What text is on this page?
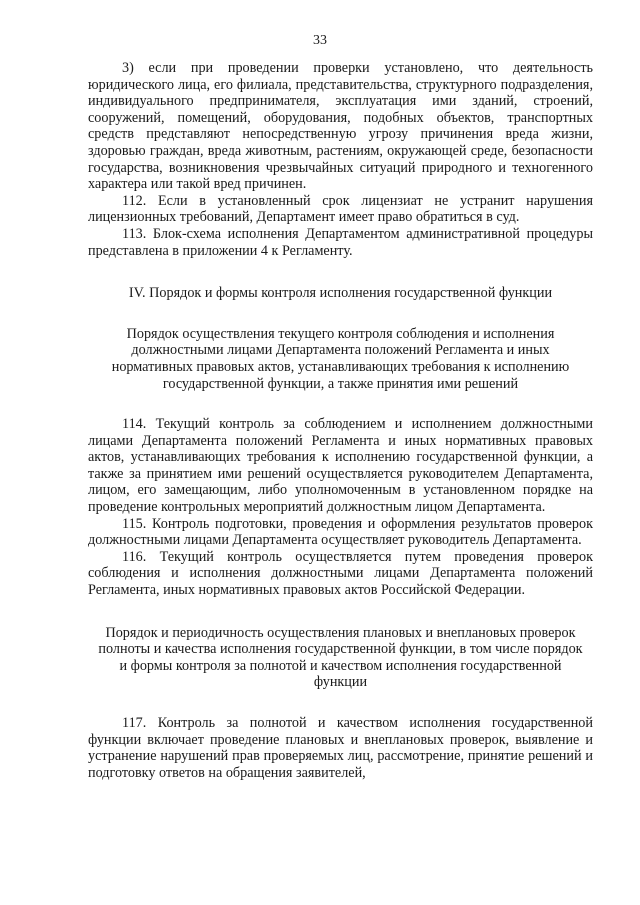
33

3) если при проведении проверки установлено, что деятельность юридического лица, его филиала, представительства, структурного подразделения, индивидуального предпринимателя, эксплуатация ими зданий, строений, сооружений, помещений, оборудования, подобных объектов, транспортных средств представляют непосредственную угрозу причинения вреда жизни, здоровью граждан, вреда животным, растениям, окружающей среде, безопасности государства, возникновения чрезвычайных ситуаций природного и техногенного характера или такой вред причинен.

112. Если в установленный срок лицензиат не устранит нарушения лицензионных требований, Департамент имеет право обратиться в суд.

113. Блок-схема исполнения Департаментом административной процедуры представлена в приложении 4 к Регламенту.

IV. Порядок и формы контроля исполнения государственной функции

Порядок осуществления текущего контроля соблюдения и исполнения должностными лицами Департамента положений Регламента и иных нормативных правовых актов, устанавливающих требования к исполнению государственной функции, а также принятия ими решений

114. Текущий контроль за соблюдением и исполнением должностными лицами Департамента положений Регламента и иных нормативных правовых актов, устанавливающих требования к исполнению государственной функции, а также за принятием ими решений осуществляется руководителем Департамента, лицом, его замещающим, либо уполномоченным в установленном порядке на проведение контрольных мероприятий должностным лицом Департамента.

115. Контроль подготовки, проведения и оформления результатов проверок должностными лицами Департамента осуществляет руководитель Департамента.

116. Текущий контроль осуществляется путем проведения проверок соблюдения и исполнения должностными лицами Департамента положений Регламента, иных нормативных правовых актов Российской Федерации.

Порядок и периодичность осуществления плановых и внеплановых проверок полноты и качества исполнения государственной функции, в том числе порядок и формы контроля за полнотой и качеством исполнения государственной функции

117. Контроль за полнотой и качеством исполнения государственной функции включает проведение плановых и внеплановых проверок, выявление и устранение нарушений прав проверяемых лиц, рассмотрение, принятие решений и подготовку ответов на обращения заявителей,
